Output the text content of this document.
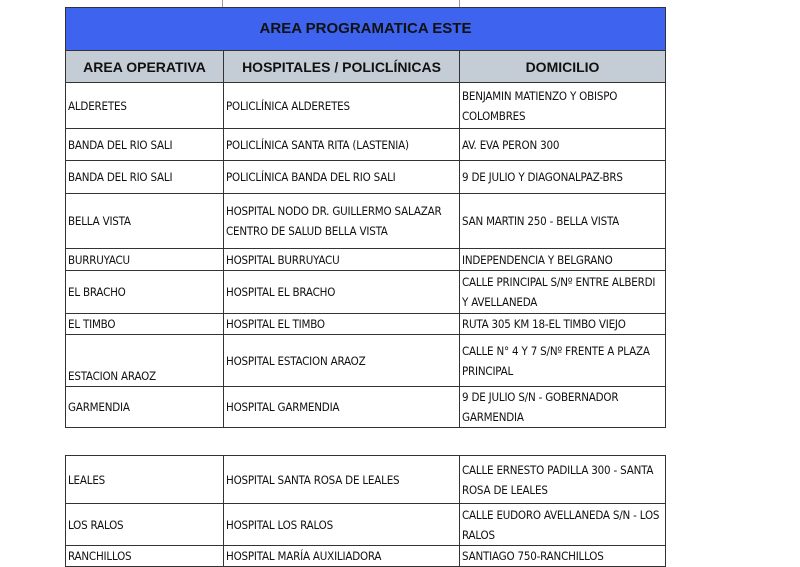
AREA PROGRAMATICA ESTE		
AREA OPERATIVA	HOSPITALES / POLICLÍNICAS	DOMICILIO
ALDERETES	POLICLÍNICA ALDERETES	BENJAMIN MATIENZO Y OBISPO COLOMBRES
BANDA DEL RIO SALI	POLICLÍNICA SANTA RITA (LASTENIA)	AV. EVA PERON 300
BANDA DEL RIO SALI	POLICLÍNICA BANDA DEL RIO SALI	9 DE JULIO Y DIAGONALPAZ-BRS
BELLA VISTA	HOSPITAL NODO DR. GUILLERMO SALAZAR CENTRO DE SALUD BELLA VISTA	SAN MARTIN 250 - BELLA VISTA
BURRUYACU	HOSPITAL BURRUYACU	INDEPENDENCIA Y BELGRANO
EL BRACHO	HOSPITAL EL BRACHO	CALLE PRINCIPAL S/Nº ENTRE ALBERDI Y AVELLANEDA
EL TIMBO	HOSPITAL EL TIMBO	RUTA 305 KM 18-EL TIMBO VIEJO
ESTACION ARAOZ	HOSPITAL ESTACION ARAOZ	CALLE N° 4 Y 7 S/Nº FRENTE A PLAZA PRINCIPAL
GARMENDIA	HOSPITAL GARMENDIA	9 DE JULIO S/N - GOBERNADOR GARMENDIA
LEALES	HOSPITAL SANTA ROSA DE LEALES	CALLE ERNESTO PADILLA 300 - SANTA ROSA DE LEALES
LOS RALOS	HOSPITAL LOS RALOS	CALLE EUDORO AVELLANEDA S/N - LOS RALOS
RANCHILLOS	HOSPITAL MARÍA AUXILIADORA	SANTIAGO 750-RANCHILLOS
